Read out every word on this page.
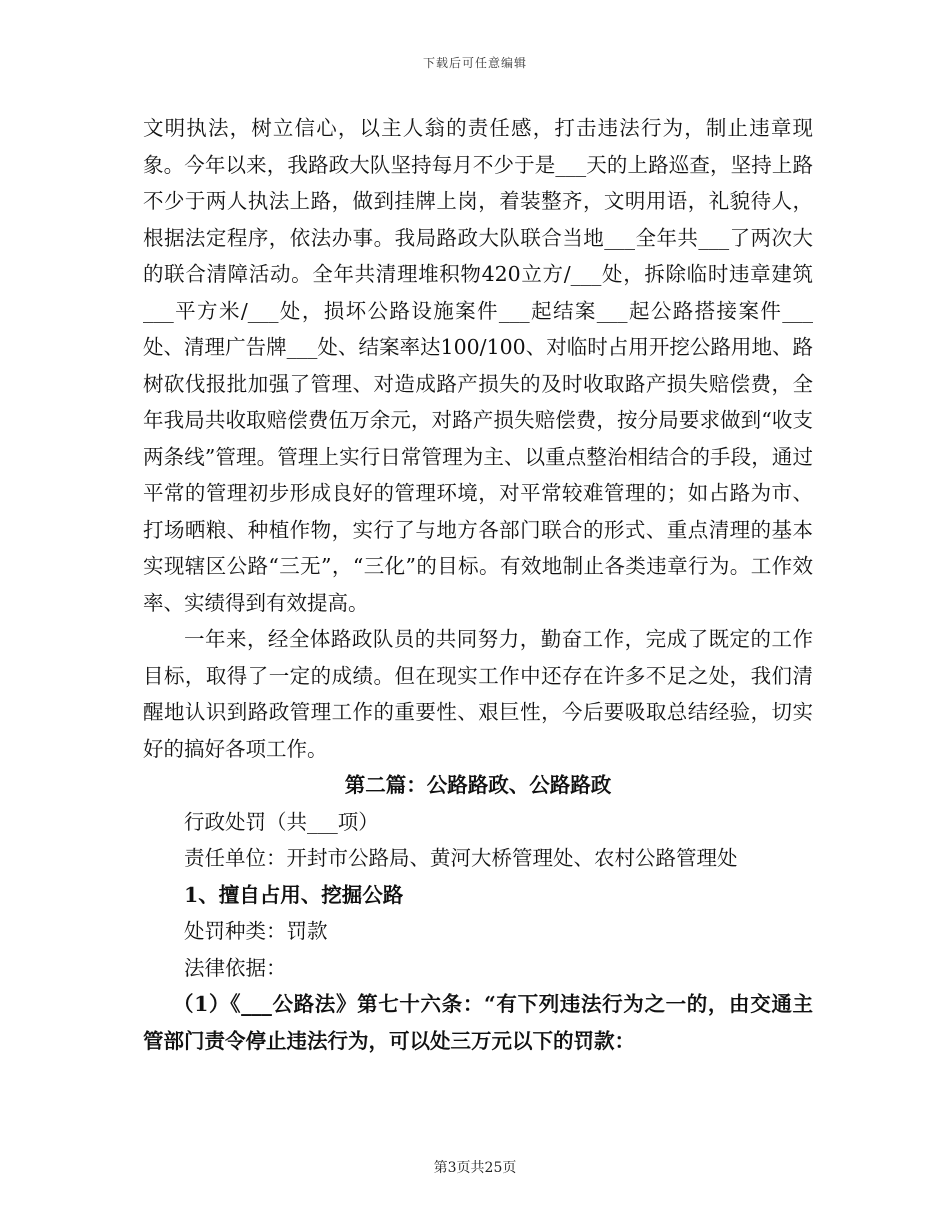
下载后可任意编辑

文明执法，树立信心，以主人翁的责任感，打击违法行为，制止违章现象。今年以来，我路政大队坚持每月不少于是___天的上路巡查，坚持上路不少于两人执法上路，做到挂牌上岗，着装整齐，文明用语，礼貌待人，根据法定程序，依法办事。我局路政大队联合当地___全年共___了两次大的联合清障活动。全年共清理堆积物420立方/___处，拆除临时违章建筑___平方米/___处，损坏公路设施案件___起结案___起公路搭接案件___处、清理广告牌___处、结案率达100/100、对临时占用开挖公路用地、路树砍伐报批加强了管理、对造成路产损失的及时收取路产损失赔偿费，全年我局共收取赔偿费伍万余元，对路产损失赔偿费，按分局要求做到“收支两条线”管理。管理上实行日常管理为主、以重点整治相结合的手段，通过平常的管理初步形成良好的管理环境，对平常较难管理的；如占路为市、打场晒粮、种植作物，实行了与地方各部门联合的形式、重点清理的基本实现辖区公路“三无”，“三化”的目标。有效地制止各类违章行为。工作效率、实绩得到有效提高。

一年来，经全体路政队员的共同努力，勤奋工作，完成了既定的工作目标，取得了一定的成绩。但在现实工作中还存在许多不足之处，我们清醒地认识到路政管理工作的重要性、艰巨性，今后要吸取总结经验，切实好的搞好各项工作。

第二篇：公路路政、公路路政

行政处罚（共___项）

责任单位：开封市公路局、黄河大桥管理处、农村公路管理处

1、擅自占用、挖掘公路

处罚种类：罚款

法律依据：

（1）《___公路法》第七十六条：“有下列违法行为之一的，由交通主管部门责令停止违法行为，可以处三万元以下的罚款：

第3页共25页
